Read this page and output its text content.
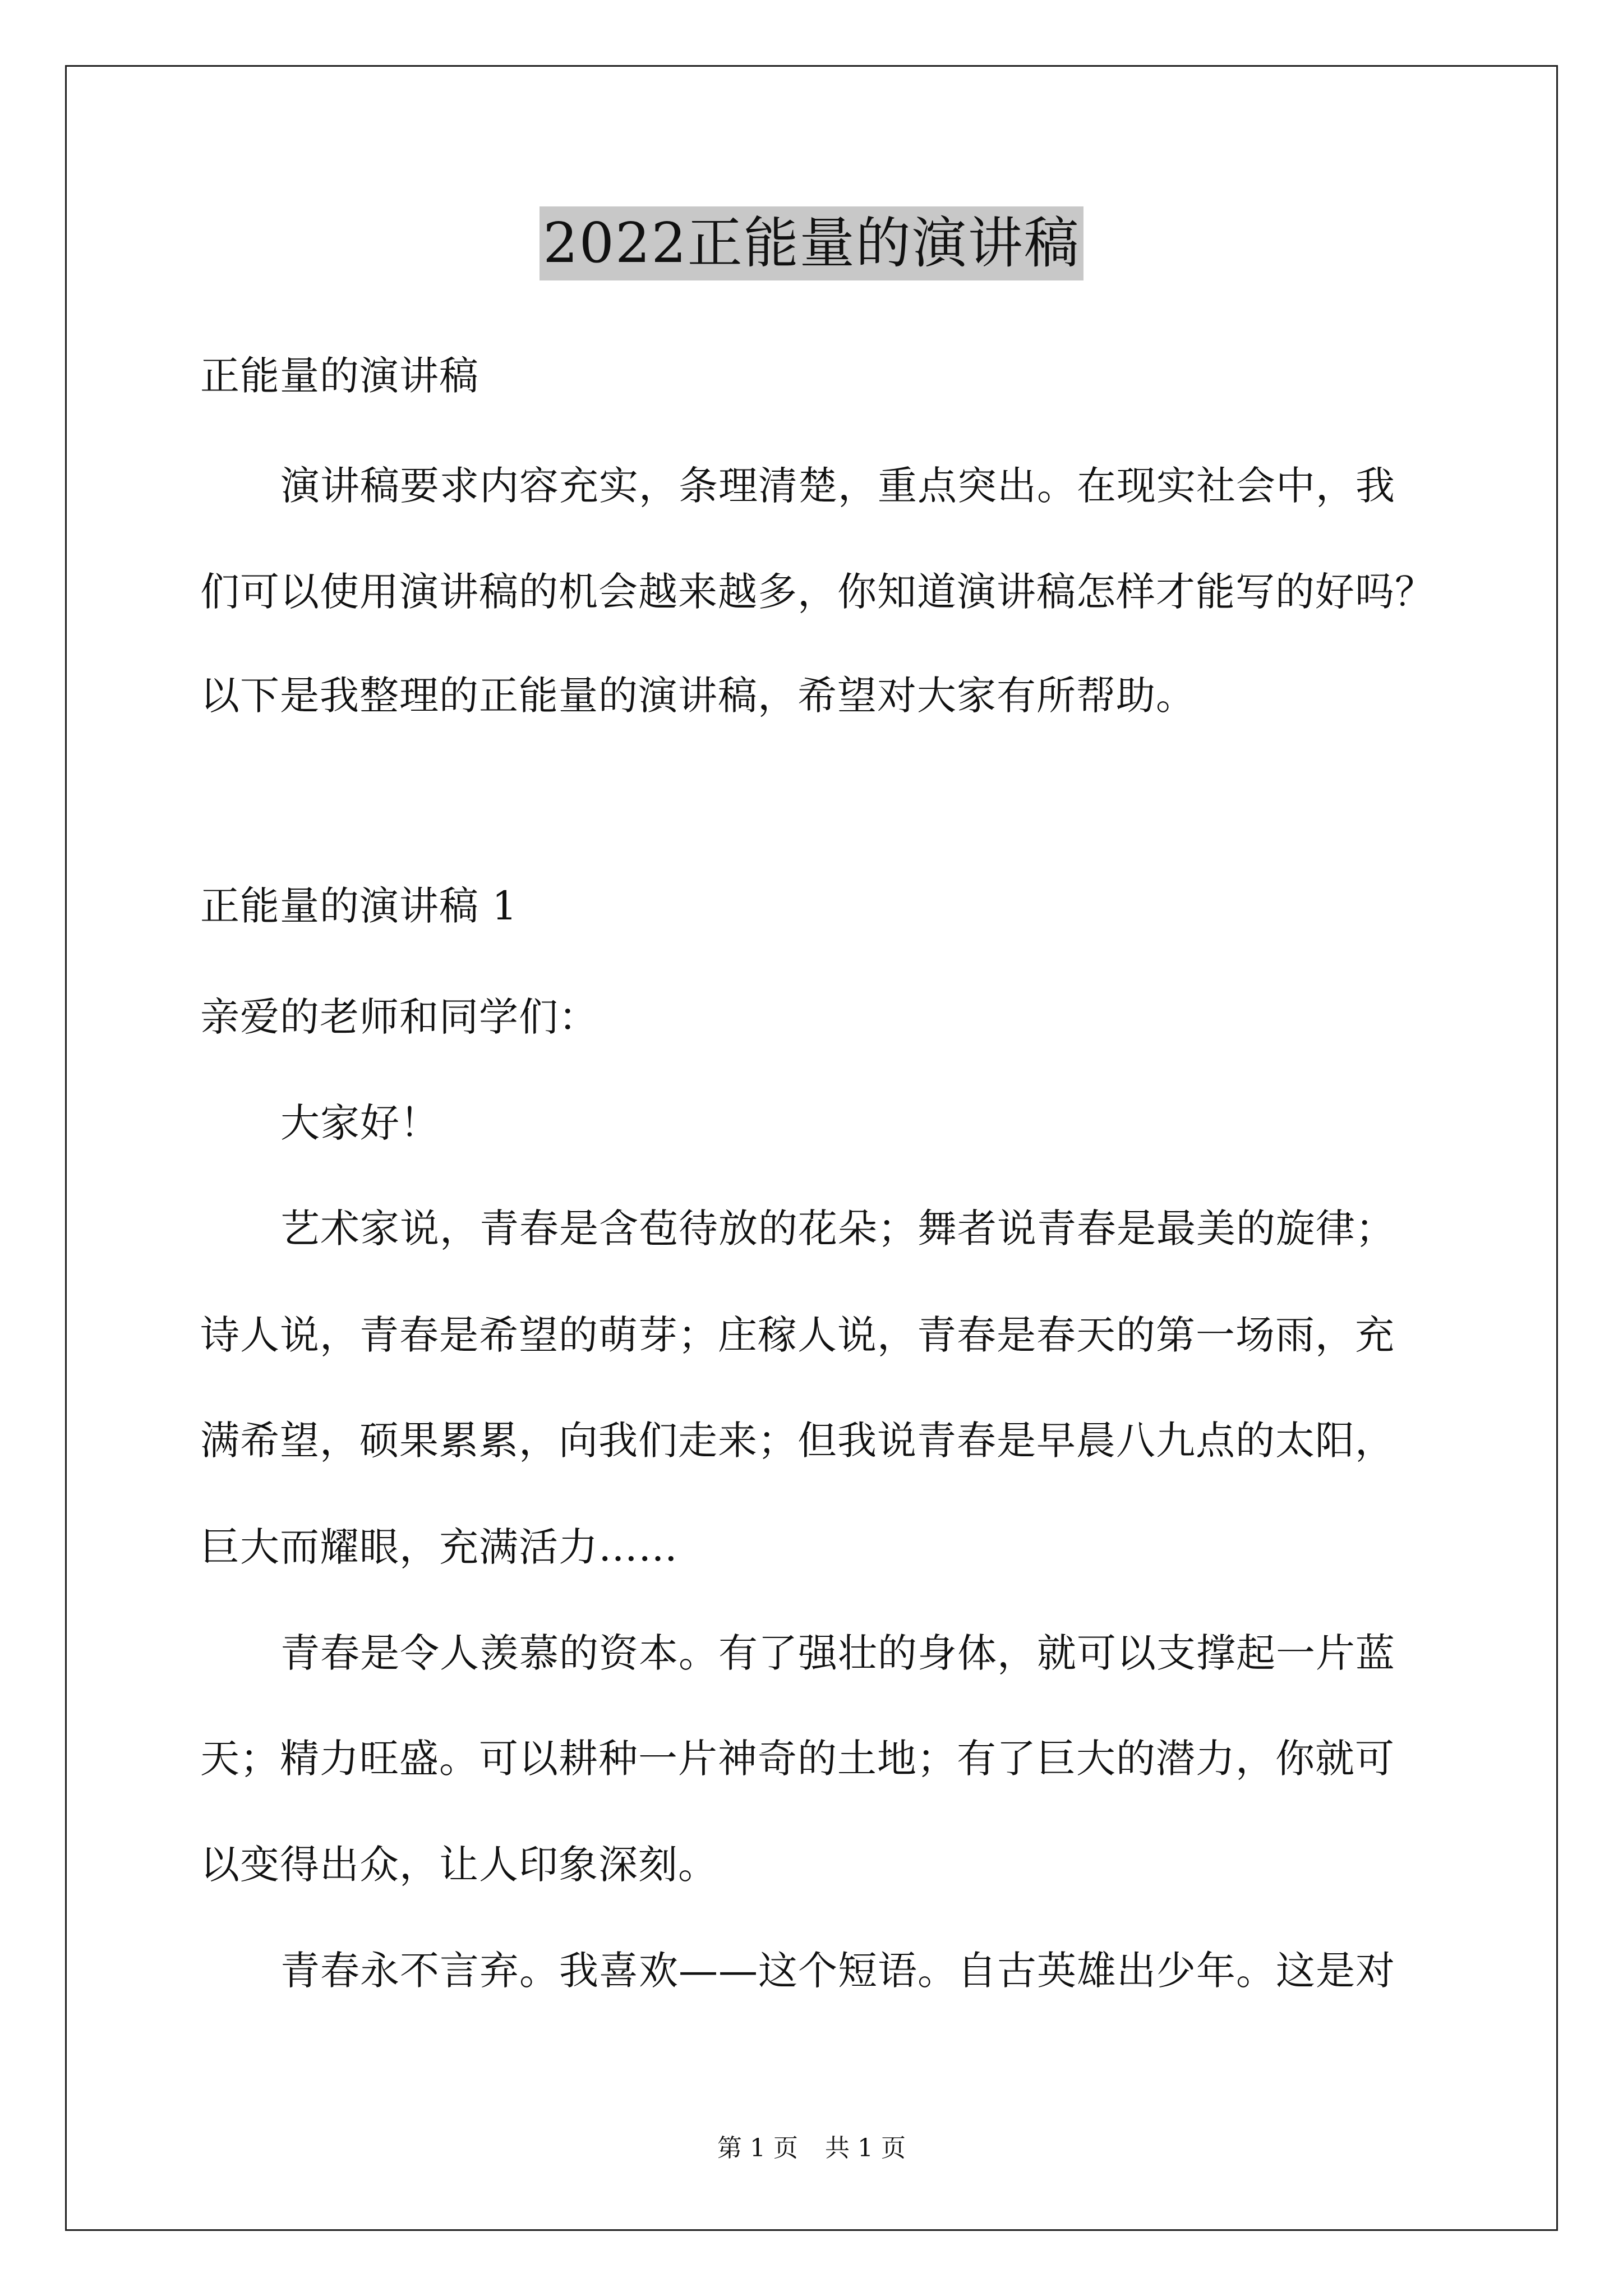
2022正能量的演讲稿
正能量的演讲稿
演讲稿要求内容充实，条理清楚，重点突出。在现实社会中，我
们可以使用演讲稿的机会越来越多，你知道演讲稿怎样才能写的好吗？
以下是我整理的正能量的演讲稿，希望对大家有所帮助。
正能量的演讲稿 1
亲爱的老师和同学们：
大家好！
艺术家说，青春是含苞待放的花朵；舞者说青春是最美的旋律；
诗人说，青春是希望的萌芽；庄稼人说，青春是春天的第一场雨，充
满希望，硕果累累，向我们走来；但我说青春是早晨八九点的太阳，
巨大而耀眼，充满活力……
青春是令人羡慕的资本。有了强壮的身体，就可以支撑起一片蓝
天；精力旺盛。可以耕种一片神奇的土地；有了巨大的潜力，你就可
以变得出众，让人印象深刻。
青春永不言弃。我喜欢——这个短语。自古英雄出少年。这是对
第 1 页 共 1 页
